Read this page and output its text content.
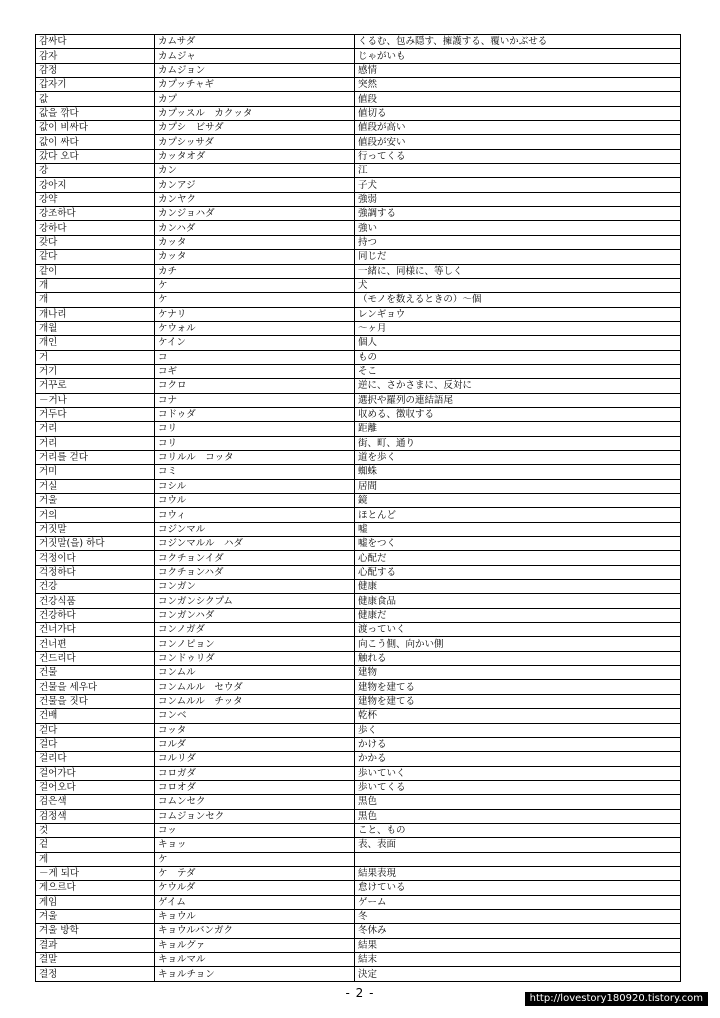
감싸다	カムサダ	くるむ、包み隠す、擁護する、覆いかぶせる
감자	カムジャ	じゃがいも
감정	カムジョン	感情
갑자기	カプッチャギ	突然
값	カプ	値段
값을 깎다	カプッスル　カクッタ	値切る
값이 비싸다	カプシ　ビサダ	値段が高い
값이 싸다	カプシッサダ	値段が安い
갔다 오다	カッタオダ	行ってくる
강	カン	江
강아지	カンアジ	子犬
강약	カンヤク	強弱
강조하다	カンジョハダ	強調する
강하다	カンハダ	強い
갖다	カッタ	持つ
같다	カッタ	同じだ
같이	カチ	一緒に、同様に、等しく
개	ケ	犬
개	ケ	（モノを数えるときの）～個
개나리	ケナリ	レンギョウ
개월	ケウォル	～ヶ月
개인	ケイン	個人
거	コ	もの
거기	コギ	そこ
거꾸로	コクロ	逆に、さかさまに、反対に
－거나	コナ	選択や羅列の連結語尾
거두다	コドゥダ	収める、徴収する
거리	コリ	距離
거리	コリ	街、町、通り
거리를 걷다	コリルル　コッタ	道を歩く
거미	コミ	蜘蛛
거실	コシル	居間
거울	コウル	鏡
거의	コウィ	ほとんど
거짓말	コジンマル	嘘
거짓말(을) 하다	コジンマルル　ハダ	嘘をつく
걱정이다	コクチョンイダ	心配だ
걱정하다	コクチョンハダ	心配する
건강	コンガン	健康
건강식품	コンガンシクプム	健康食品
건강하다	コンガンハダ	健康だ
건너가다	コンノガダ	渡っていく
건너편	コンノピョン	向こう側、向かい側
건드리다	コンドゥリダ	触れる
건물	コンムル	建物
건물을 세우다	コンムルル　セウダ	建物を建てる
건물을 짓다	コンムルル　チッタ	建物を建てる
건배	コンベ	乾杯
걷다	コッタ	歩く
걸다	コルダ	かける
걸리다	コルリダ	かかる
걸어가다	コロガダ	歩いていく
걸어오다	コロオダ	歩いてくる
검은색	コムンセク	黒色
검정색	コムジョンセク	黒色
것	コッ	こと、もの
겉	キョッ	表、表面
게	ケ	
－게 되다	ケ　テダ	結果表現
게으르다	ケウルダ	怠けている
게임	ゲイム	ゲーム
겨울	キョウル	冬
겨울 방학	キョウルバンガク	冬休み
결과	キョルグァ	結果
결말	キョルマル	結末
결정	キョルチョン	決定
- 2 -	http://lovestory180920.tistory.com
